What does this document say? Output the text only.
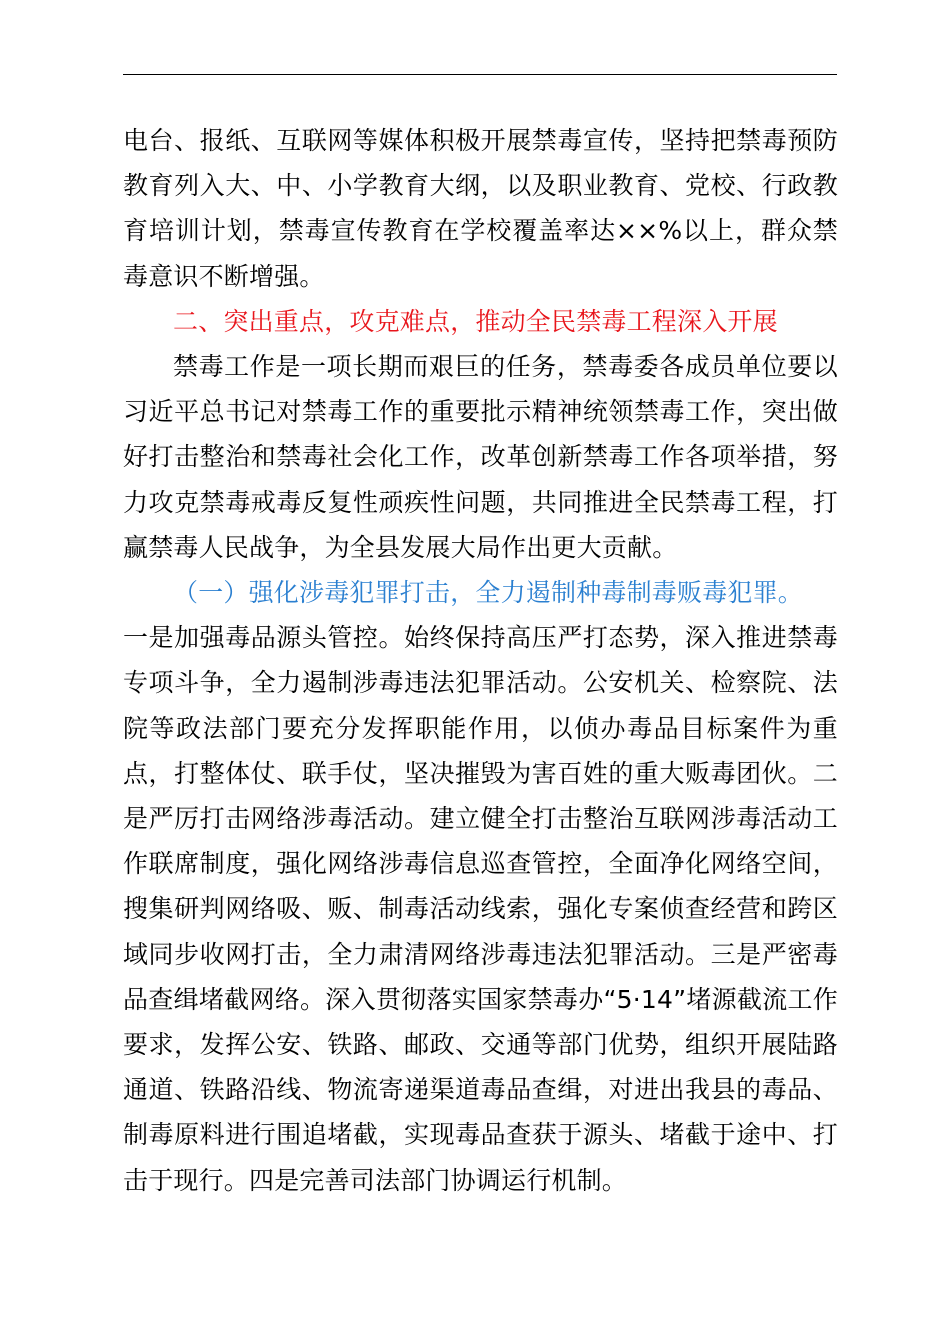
电台、报纸、互联网等媒体积极开展禁毒宣传，坚持把禁毒预防教育列入大、中、小学教育大纲，以及职业教育、党校、行政教育培训计划，禁毒宣传教育在学校覆盖率达××%以上，群众禁毒意识不断增强。

二、突出重点，攻克难点，推动全民禁毒工程深入开展

禁毒工作是一项长期而艰巨的任务，禁毒委各成员单位要以习近平总书记对禁毒工作的重要批示精神统领禁毒工作，突出做好打击整治和禁毒社会化工作，改革创新禁毒工作各项举措，努力攻克禁毒戒毒反复性顽疾性问题，共同推进全民禁毒工程，打赢禁毒人民战争，为全县发展大局作出更大贡献。

（一）强化涉毒犯罪打击，全力遏制种毒制毒贩毒犯罪。

一是加强毒品源头管控。始终保持高压严打态势，深入推进禁毒专项斗争，全力遏制涉毒违法犯罪活动。公安机关、检察院、法院等政法部门要充分发挥职能作用，以侦办毒品目标案件为重点，打整体仗、联手仗，坚决摧毁为害百姓的重大贩毒团伙。二是严厉打击网络涉毒活动。建立健全打击整治互联网涉毒活动工作联席制度，强化网络涉毒信息巡查管控，全面净化网络空间，搜集研判网络吸、贩、制毒活动线索，强化专案侦查经营和跨区域同步收网打击，全力肃清网络涉毒违法犯罪活动。三是严密毒品查缉堵截网络。深入贯彻落实国家禁毒办“5·14”堵源截流工作要求，发挥公安、铁路、邮政、交通等部门优势，组织开展陆路通道、铁路沿线、物流寄递渠道毒品查缉，对进出我县的毒品、制毒原料进行围追堵截，实现毒品查获于源头、堵截于途中、打击于现行。四是完善司法部门协调运行机制。
